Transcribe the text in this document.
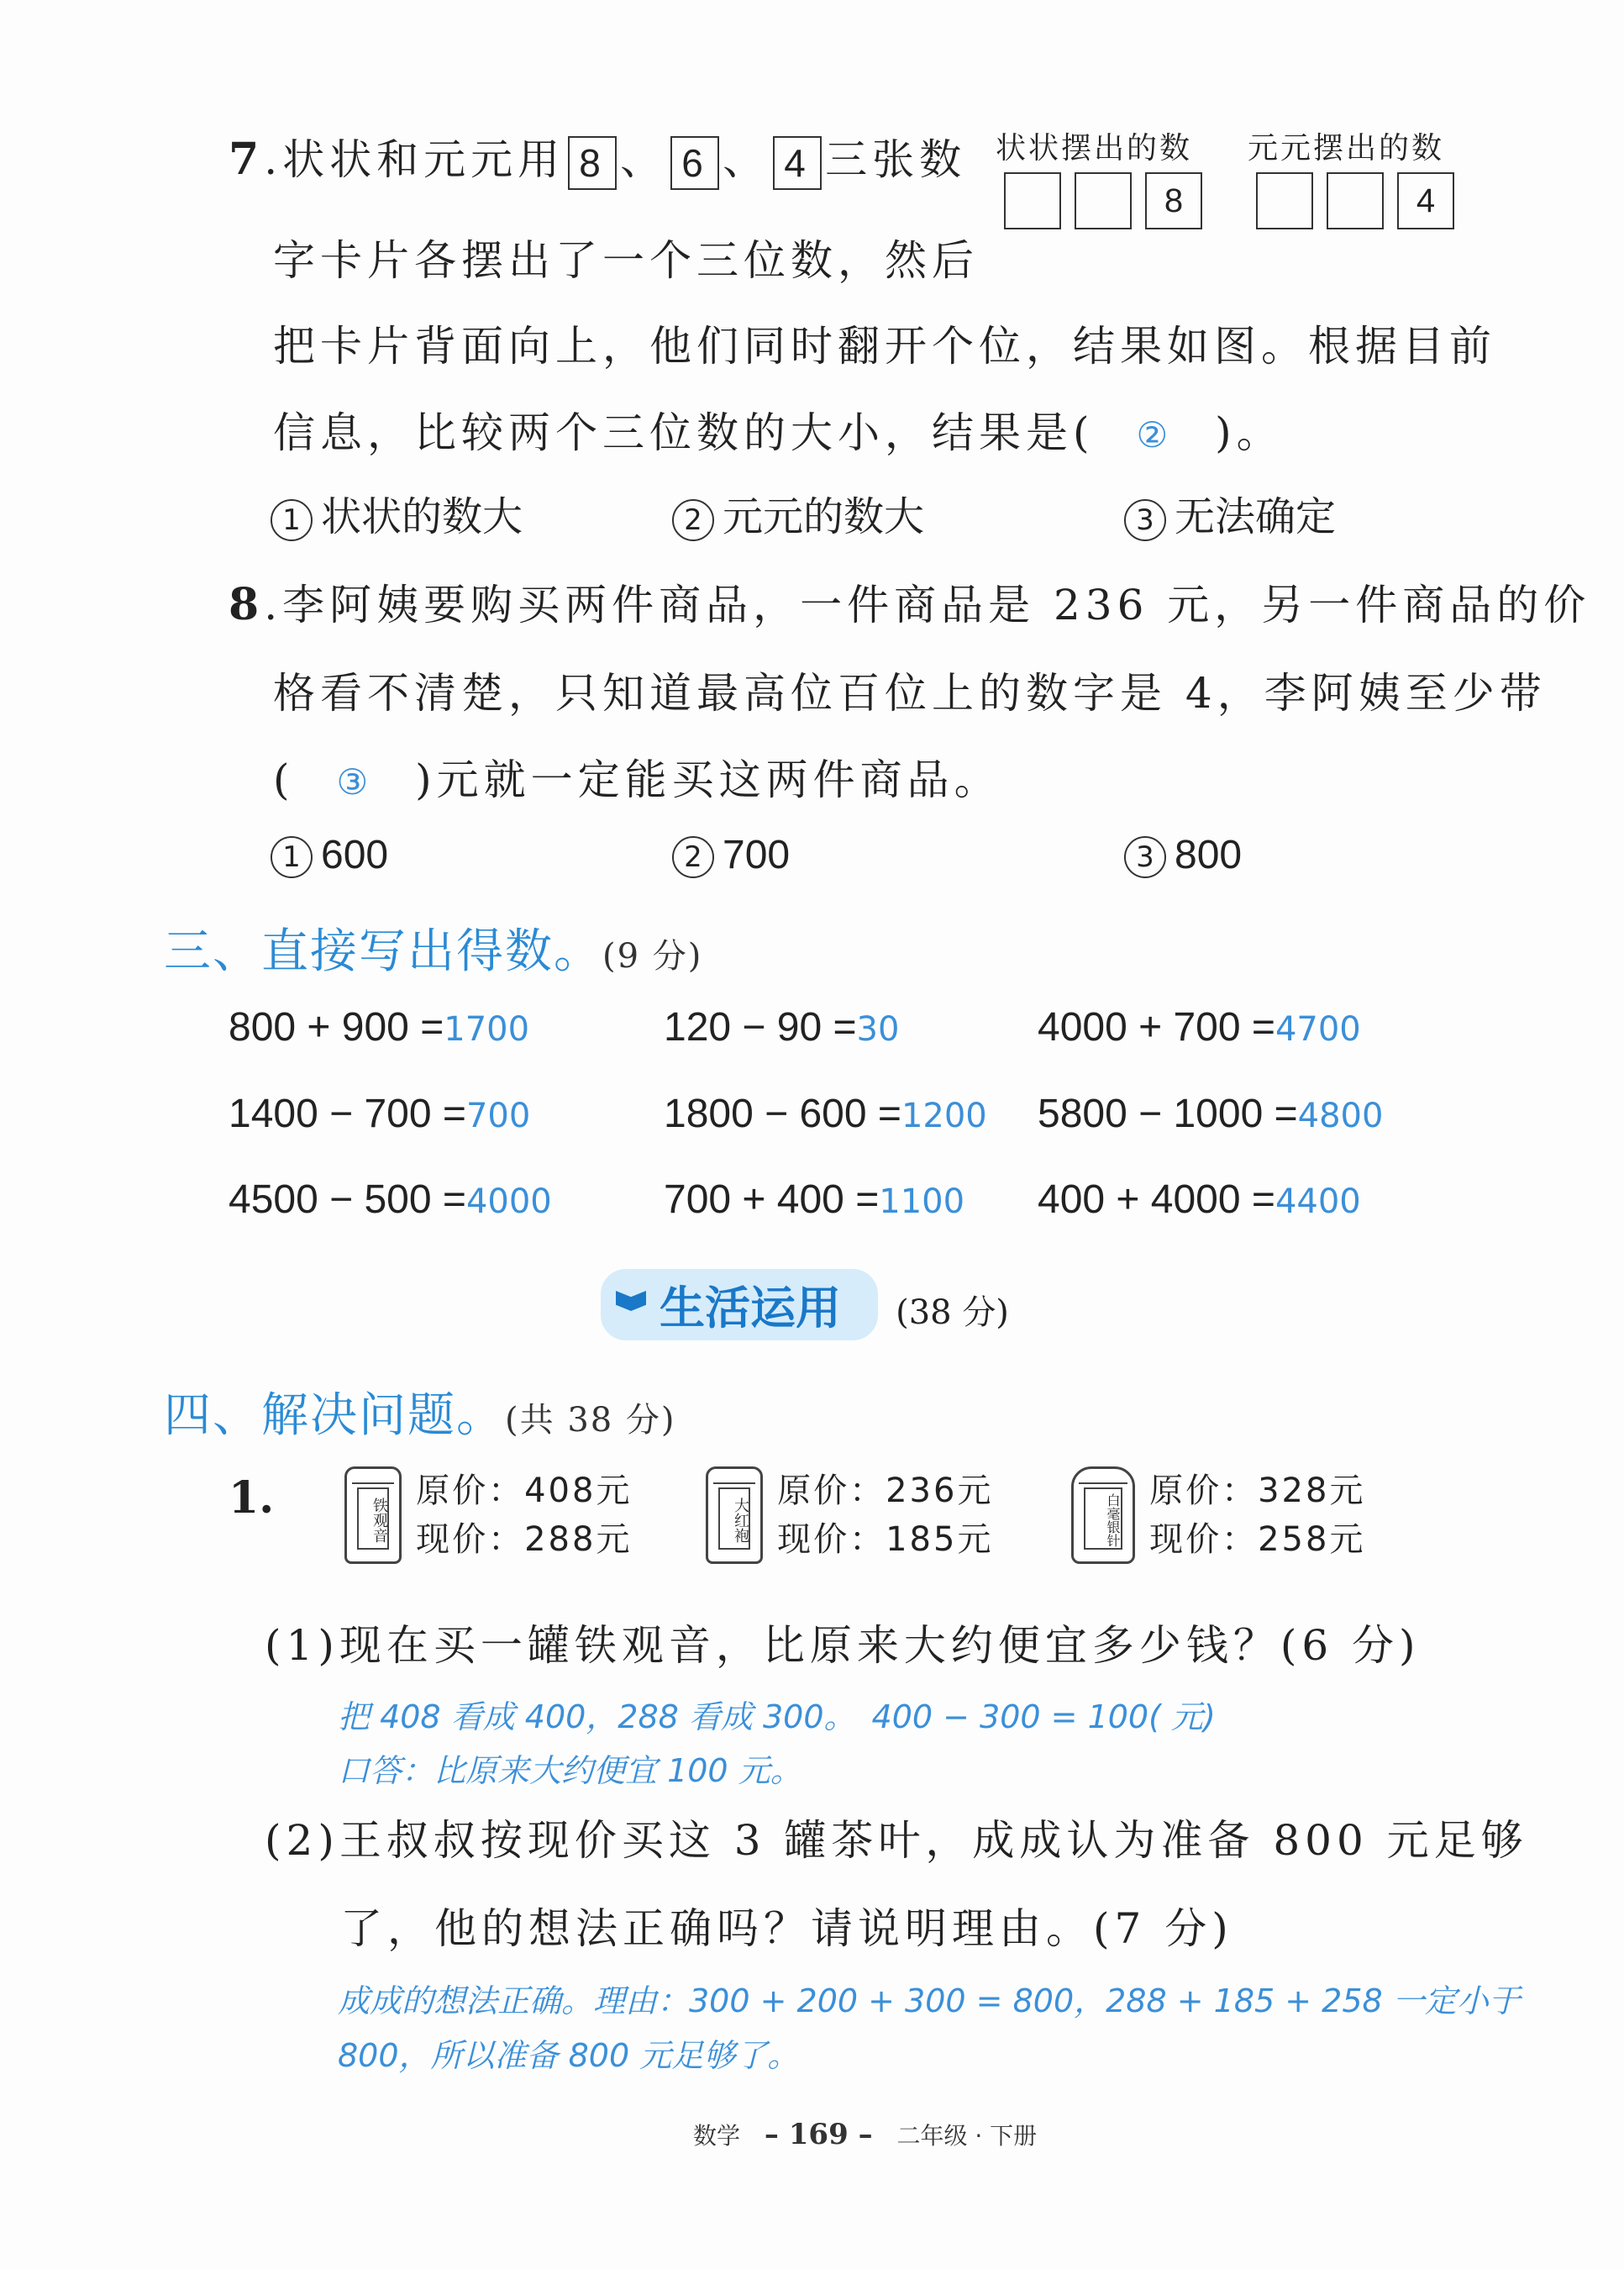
7.状状和元元用 8 、 6 、 4 三张数 状状摆出的数 元元摆出的数
8	4
字卡片各摆出了一个三位数，然后
把卡片背面向上，他们同时翻开个位，结果如图。根据目前
信息，比较两个三位数的大小，结果是( ② )。
1 状状的数大	2 元元的数大	3 无法确定
8.李阿姨要购买两件商品，一件商品是 236 元，另一件商品的价
格看不清楚，只知道最高位百位上的数字是 4，李阿姨至少带
( ③ )元就一定能买这两件商品。
1 600	2 700	3 800
三、直接写出得数。(9 分)
800 + 900 =1700	120 − 90 =30	4000 + 700 =4700
1400 − 700 =700	1800 − 600 =1200 5800 − 1000 =4800
4500 − 500 =4000	700 + 400 =1100 400 + 4000 =4400
生活运用 (38 分)
四、解决问题。(共 38 分)
1.	铁观音

原价：408元
现价：288元	大红袍

原价：236元
现价：185元	白毫银针

原价：328元
现价：258元
(1)现在买一罐铁观音，比原来大约便宜多少钱？(6 分)
把 408 看成 400，288 看成 300。　400 − 300 = 100( 元)
口答：比原来大约便宜 100 元。
(2)王叔叔按现价买这 3 罐茶叶，成成认为准备 800 元足够
了，他的想法正确吗？请说明理由。(7 分)
成成的想法正确。理由：300 + 200 + 300 = 800，288 + 185 + 258 一定小于
800，所以准备 800 元足够了。
数学 – 169 – 二年级 · 下册
